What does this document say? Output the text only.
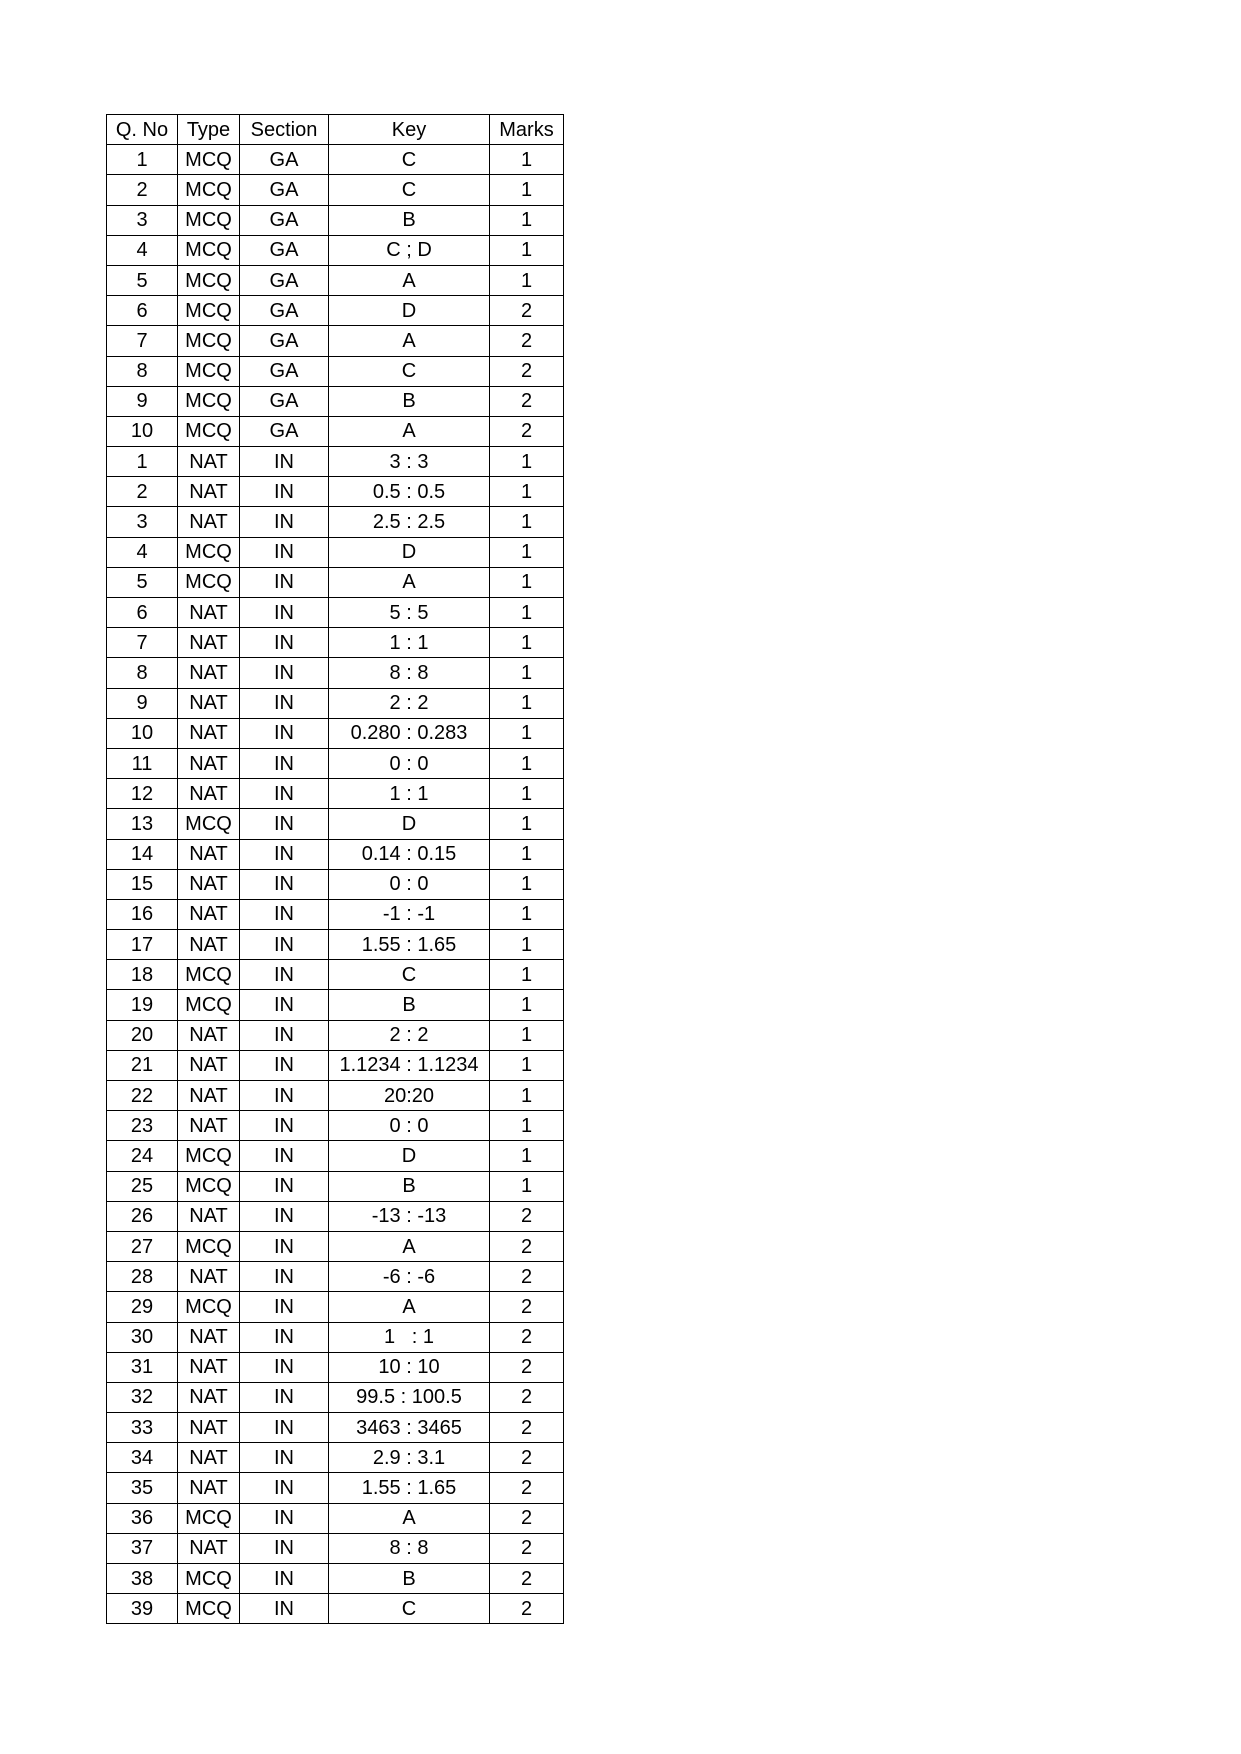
Q. No	Type	Section	Key	Marks
1	MCQ	GA	C	1
2	MCQ	GA	C	1
3	MCQ	GA	B	1
4	MCQ	GA	C ; D	1
5	MCQ	GA	A	1
6	MCQ	GA	D	2
7	MCQ	GA	A	2
8	MCQ	GA	C	2
9	MCQ	GA	B	2
10	MCQ	GA	A	2
1	NAT	IN	3 : 3	1
2	NAT	IN	0.5 : 0.5	1
3	NAT	IN	2.5 : 2.5	1
4	MCQ	IN	D	1
5	MCQ	IN	A	1
6	NAT	IN	5 : 5	1
7	NAT	IN	1 : 1	1
8	NAT	IN	8 : 8	1
9	NAT	IN	2 : 2	1
10	NAT	IN	0.280 : 0.283	1
11	NAT	IN	0 : 0	1
12	NAT	IN	1 : 1	1
13	MCQ	IN	D	1
14	NAT	IN	0.14 : 0.15	1
15	NAT	IN	0 : 0	1
16	NAT	IN	-1 : -1	1
17	NAT	IN	1.55 : 1.65	1
18	MCQ	IN	C	1
19	MCQ	IN	B	1
20	NAT	IN	2 : 2	1
21	NAT	IN	1.1234 : 1.1234	1
22	NAT	IN	20:20	1
23	NAT	IN	0 : 0	1
24	MCQ	IN	D	1
25	MCQ	IN	B	1
26	NAT	IN	-13 : -13	2
27	MCQ	IN	A	2
28	NAT	IN	-6 : -6	2
29	MCQ	IN	A	2
30	NAT	IN	1   : 1	2
31	NAT	IN	10 : 10	2
32	NAT	IN	99.5 : 100.5	2
33	NAT	IN	3463 : 3465	2
34	NAT	IN	2.9 : 3.1	2
35	NAT	IN	1.55 : 1.65	2
36	MCQ	IN	A	2
37	NAT	IN	8 : 8	2
38	MCQ	IN	B	2
39	MCQ	IN	C	2
